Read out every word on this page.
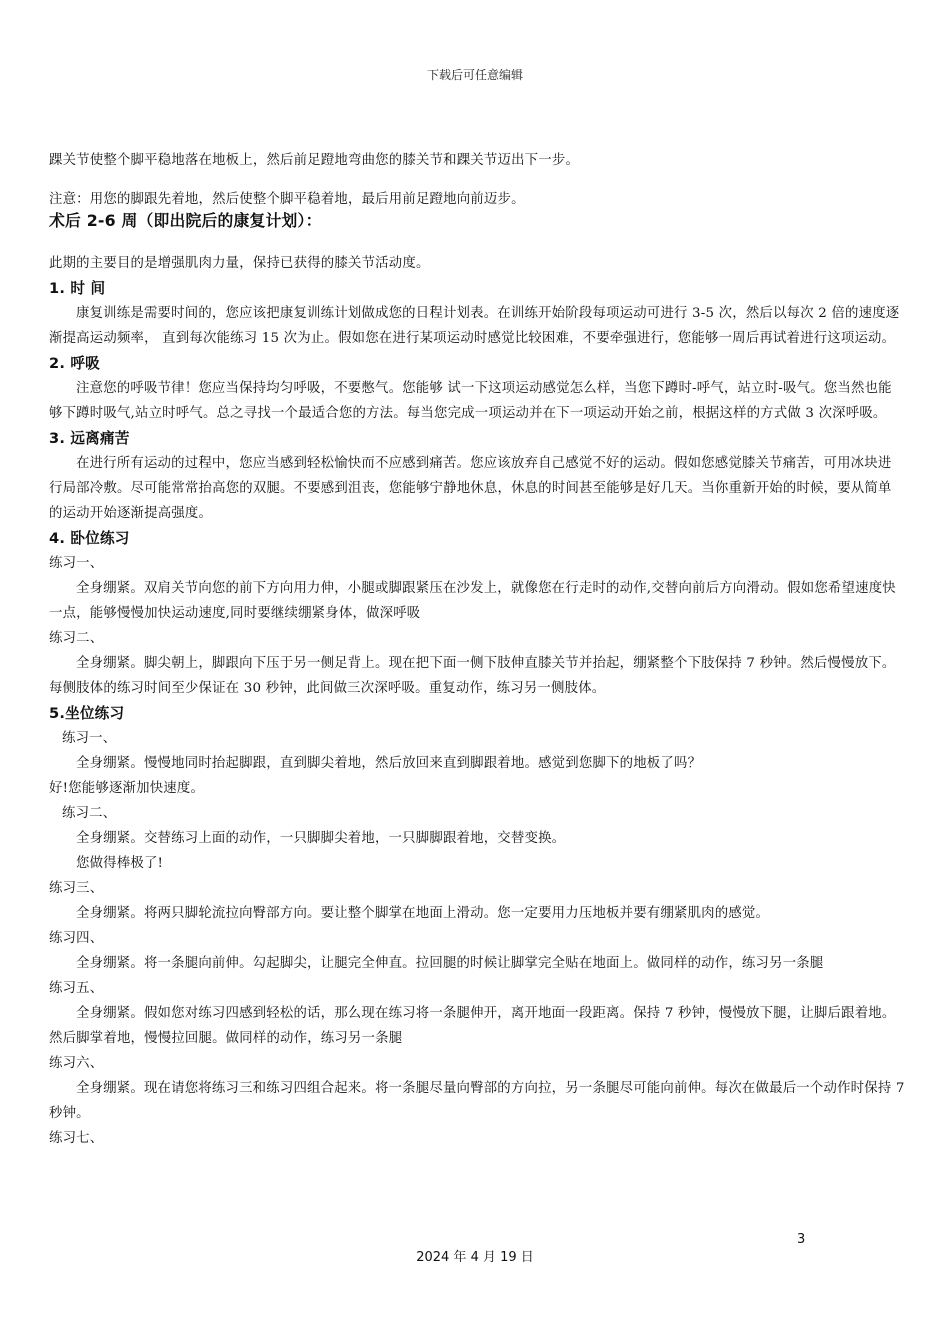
下载后可任意编辑

踝关节使整个脚平稳地落在地板上，然后前足蹬地弯曲您的膝关节和踝关节迈出下一步。

注意：用您的脚跟先着地，然后使整个脚平稳着地，最后用前足蹬地向前迈步。

术后 2-6 周（即出院后的康复计划）：

此期的主要目的是增强肌肉力量，保持已获得的膝关节活动度。

1. 时 间

康复训练是需要时间的，您应该把康复训练计划做成您的日程计划表。在训练开始阶段每项运动可进行 3-5 次，然后以每次 2 倍的速度逐渐提高运动频率， 直到每次能练习 15 次为止。假如您在进行某项运动时感觉比较困难，不要牵强进行，您能够一周后再试着进行这项运动。

2. 呼吸

注意您的呼吸节律！您应当保持均匀呼吸，不要憋气。您能够 试一下这项运动感觉怎么样，当您下蹲时-呼气，站立时-吸气。您当然也能够下蹲时吸气,站立时呼气。总之寻找一个最适合您的方法。每当您完成一项运动并在下一项运动开始之前，根据这样的方式做 3 次深呼吸。

3. 远离痛苦

在进行所有运动的过程中，您应当感到轻松愉快而不应感到痛苦。您应该放弃自己感觉不好的运动。假如您感觉膝关节痛苦，可用冰块进行局部冷敷。尽可能常常抬高您的双腿。不要感到沮丧，您能够宁静地休息，休息的时间甚至能够是好几天。当你重新开始的时候，要从简单的运动开始逐渐提高强度。

4. 卧位练习

练习一、

全身绷紧。双肩关节向您的前下方向用力伸，小腿或脚跟紧压在沙发上，就像您在行走时的动作,交替向前后方向滑动。假如您希望速度快一点，能够慢慢加快运动速度,同时要继续绷紧身体，做深呼吸

练习二、

全身绷紧。脚尖朝上，脚跟向下压于另一侧足背上。现在把下面一侧下肢伸直膝关节并抬起，绷紧整个下肢保持 7 秒钟。然后慢慢放下。每侧肢体的练习时间至少保证在 30 秒钟，此间做三次深呼吸。重复动作，练习另一侧肢体。

5.坐位练习

练习一、

全身绷紧。慢慢地同时抬起脚跟，直到脚尖着地，然后放回来直到脚跟着地。感觉到您脚下的地板了吗？

好!您能够逐渐加快速度。

练习二、

全身绷紧。交替练习上面的动作，一只脚脚尖着地，一只脚脚跟着地，交替变换。

您做得棒极了!

练习三、

全身绷紧。将两只脚轮流拉向臀部方向。要让整个脚掌在地面上滑动。您一定要用力压地板并要有绷紧肌肉的感觉。

练习四、

全身绷紧。将一条腿向前伸。勾起脚尖，让腿完全伸直。拉回腿的时候让脚掌完全贴在地面上。做同样的动作，练习另一条腿

练习五、

全身绷紧。假如您对练习四感到轻松的话，那么现在练习将一条腿伸开，离开地面一段距离。保持 7 秒钟，慢慢放下腿，让脚后跟着地。然后脚掌着地，慢慢拉回腿。做同样的动作，练习另一条腿

练习六、

全身绷紧。现在请您将练习三和练习四组合起来。将一条腿尽量向臀部的方向拉，另一条腿尽可能向前伸。每次在做最后一个动作时保持 7 秒钟。

练习七、

3
2024 年 4 月 19 日
